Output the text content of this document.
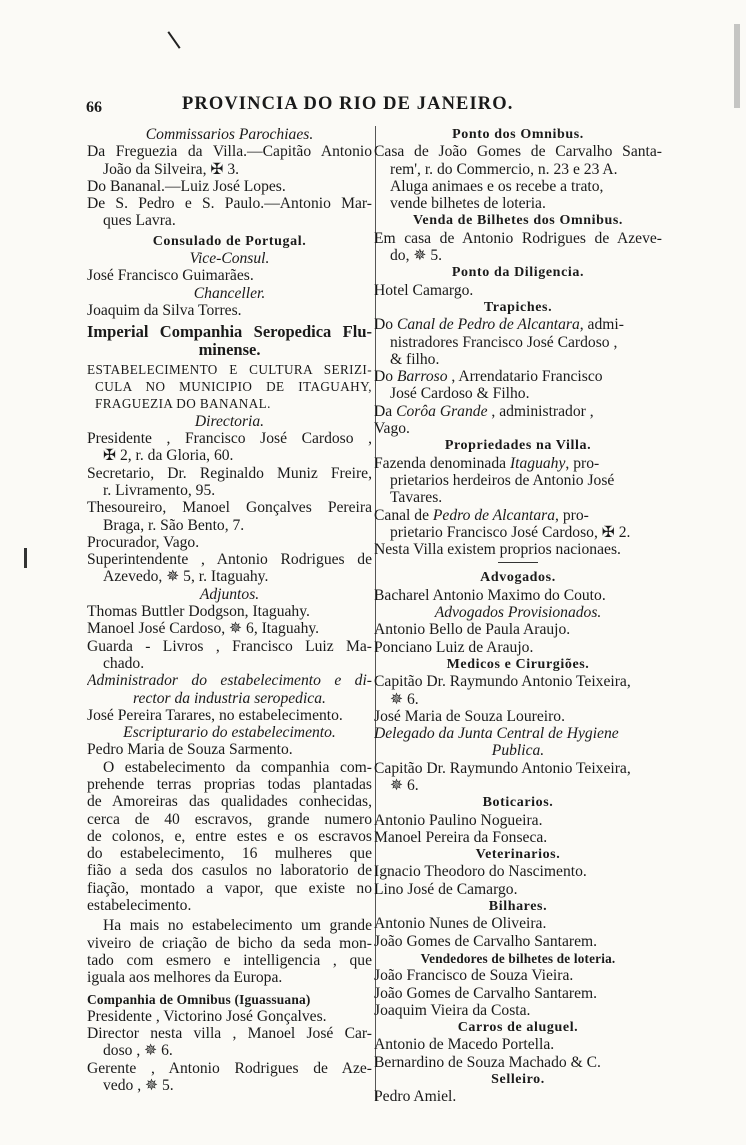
66	PROVINCIA DO RIO DE JANEIRO.
Commissarios Parochiaes.
Da Freguezia da Villa.—Capitão Antonio
João da Silveira, ✠ 3.
Do Bananal.—Luiz José Lopes.
De S. Pedro e S. Paulo.—Antonio Mar-
ques Lavra.
Consulado de Portugal.
Vice-Consul.
José Francisco Guimarães.
Chanceller.
Joaquim da Silva Torres.
Imperial Companhia Seropedica Flu-
minense.
ESTABELECIMENTO E CULTURA SERIZI-
CULA NO MUNICIPIO DE ITAGUAHY,
FRAGUEZIA DO BANANAL.
Directoria.
Presidente , Francisco José Cardoso ,
✠ 2, r. da Gloria, 60.
Secretario, Dr. Reginaldo Muniz Freire,
r. Livramento, 95.
Thesoureiro, Manoel Gonçalves Pereira
Braga, r. São Bento, 7.
Procurador, Vago.
Superintendente , Antonio Rodrigues de
Azevedo, ✵ 5, r. Itaguahy.
Adjuntos.
Thomas Buttler Dodgson, Itaguahy.
Manoel José Cardoso, ✵ 6, Itaguahy.
Guarda - Livros , Francisco Luiz Ma-
chado.
Administrador do estabelecimento e di-
rector da industria seropedica.
José Pereira Tarares, no estabelecimento.
Escripturario do estabelecimento.
Pedro Maria de Souza Sarmento.
O estabelecimento da companhia com-
prehende terras proprias todas plantadas
de Amoreiras das qualidades conhecidas,
cerca de 40 escravos, grande numero
de colonos, e, entre estes e os escravos
do estabelecimento, 16 mulheres que
fião a seda dos casulos no laboratorio de
fiação, montado a vapor, que existe no
estabelecimento.
Ha mais no estabelecimento um grande
viveiro de criação de bicho da seda mon-
tado com esmero e intelligencia , que
iguala aos melhores da Europa.
Companhia de Omnibus (Iguassuana)
Presidente , Victorino José Gonçalves.
Director nesta villa , Manoel José Car-
doso , ✵ 6.
Gerente , Antonio Rodrigues de Aze-
vedo , ✵ 5.
Ponto dos Omnibus.
Casa de João Gomes de Carvalho Santa-
rem', r. do Commercio, n. 23 e 23 A.
Aluga animaes e os recebe a trato,
vende bilhetes de loteria.
Venda de Bilhetes dos Omnibus.
Em casa de Antonio Rodrigues de Azeve-
do, ✵ 5.
Ponto da Diligencia.
Hotel Camargo.
Trapiches.
Do Canal de Pedro de Alcantara, admi-
nistradores Francisco José Cardoso ,
& filho.
Do Barroso , Arrendatario Francisco
José Cardoso & Filho.
Da Corôa Grande , administrador ,
Vago.
Propriedades na Villa.
Fazenda denominada Itaguahy, pro-
prietarios herdeiros de Antonio José
Tavares.
Canal de Pedro de Alcantara, pro-
prietario Francisco José Cardoso, ✠ 2.
Nesta Villa existem proprios nacionaes.
Advogados.
Bacharel Antonio Maximo do Couto.
Advogados Provisionados.
Antonio Bello de Paula Araujo.
Ponciano Luiz de Araujo.
Medicos e Cirurgiões.
Capitão Dr. Raymundo Antonio Teixeira,
✵ 6.
José Maria de Souza Loureiro.
Delegado da Junta Central de Hygiene
Publica.
Capitão Dr. Raymundo Antonio Teixeira,
✵ 6.
Boticarios.
Antonio Paulino Nogueira.
Manoel Pereira da Fonseca.
Veterinarios.
Ignacio Theodoro do Nascimento.
Lino José de Camargo.
Bilhares.
Antonio Nunes de Oliveira.
João Gomes de Carvalho Santarem.
Vendedores de bilhetes de loteria.
João Francisco de Souza Vieira.
João Gomes de Carvalho Santarem.
Joaquim Vieira da Costa.
Carros de aluguel.
Antonio de Macedo Portella.
Bernardino de Souza Machado & C.
Selleiro.
Pedro Amiel.
